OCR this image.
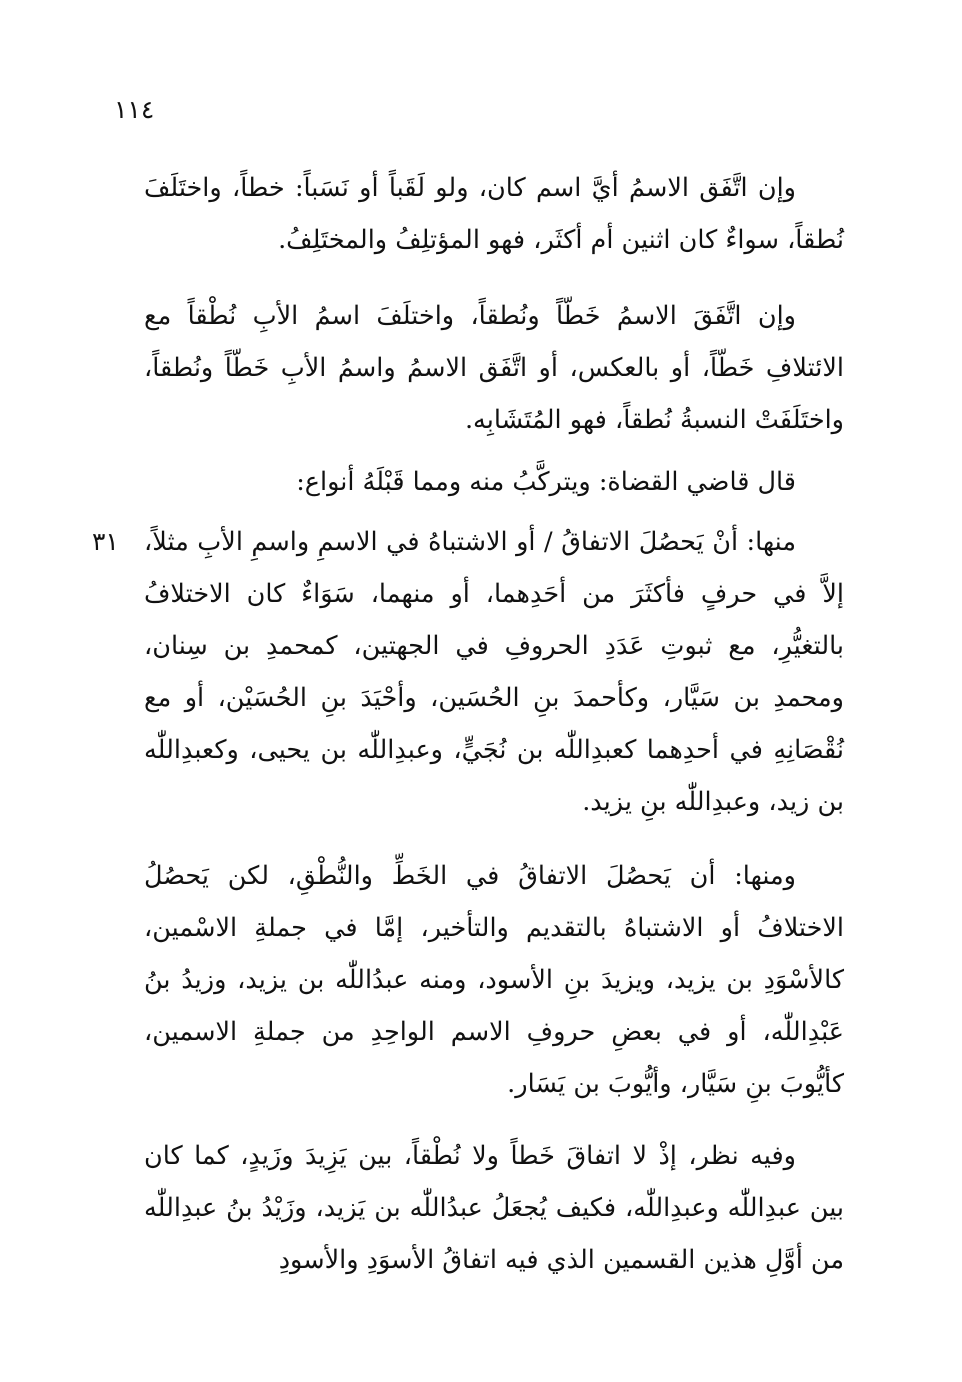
١١٤
٣١

وإن اتَّفَق الاسمُ أيَّ اسم كان، ولو لَقَباً أو نَسَباً: خطاً، واختَلَفَ نُطقاً، سواءٌ كان اثنين أم أكثَر، فهو المؤتلِفُ والمختَلِفُ.

وإن اتَّفَقَ الاسمُ خَطّاً ونُطقاً، واختلَفَ اسمُ الأبِ نُطْقاً مع الائتلافِ خَطّاً، أو بالعكس، أو اتَّفَق الاسمُ واسمُ الأبِ خَطّاً ونُطقاً، واختَلَفَتْ النسبةُ نُطقاً، فهو المُتَشَابِه.

قال قاضي القضاة: ويتركَّبُ منه ومما قَبْلَهُ أنواع:

منها: أنْ يَحصُلَ الاتفاقُ / أو الاشتباهُ في الاسمِ واسمِ الأبِ مثلاً، إلاَّ في حرفٍ فأكثَرَ من أحَدِهما، أو منهما، سَوَاءٌ كان الاختلافُ بالتغيُّرِ، مع ثبوتِ عَدَدِ الحروفِ في الجهتين، كمحمدِ بن سِنان، ومحمدِ بن سَيَّار، وكأحمدَ بنِ الحُسَين، وأحْيَدَ بنِ الحُسَيْن، أو مع نُقْصَانِهِ في أحدِهما كعبدِاللّٰه بن نُجَيٍّ، وعبدِاللّٰه بن يحيى، وكعبدِاللّٰه بن زيد، وعبدِاللّٰه بنِ يزيد.

ومنها: أن يَحصُلَ الاتفاقُ في الخَطِّ والنُّطْقِ، لكن يَحصُلُ الاختلافُ أو الاشتباهُ بالتقديم والتأخير، إمَّا في جملةِ الاسْمين، كالأسْوَدِ بن يزيد، ويزيدَ بنِ الأسود، ومنه عبدُاللّٰه بن يزيد، وزيدُ بنُ عَبْدِاللّٰه، أو في بعضِ حروفِ الاسم الواحِدِ من جملةِ الاسمين، كأيُّوبَ بنِ سَيَّار، وأيُّوبَ بن يَسَار.

وفيه نظر، إذْ لا اتفاقَ خَطاً ولا نُطْقاً، بين يَزِيدَ وزَيدٍ، كما كان بين عبدِاللّٰه وعبدِاللّٰه، فكيف يُجعَلُ عبدُاللّٰه بن يَزيد، وزَيْدُ بنُ عبدِاللّٰه من أوَّلِ هذين القسمين الذي فيه اتفاقُ الأسوَدِ والأسودِ
